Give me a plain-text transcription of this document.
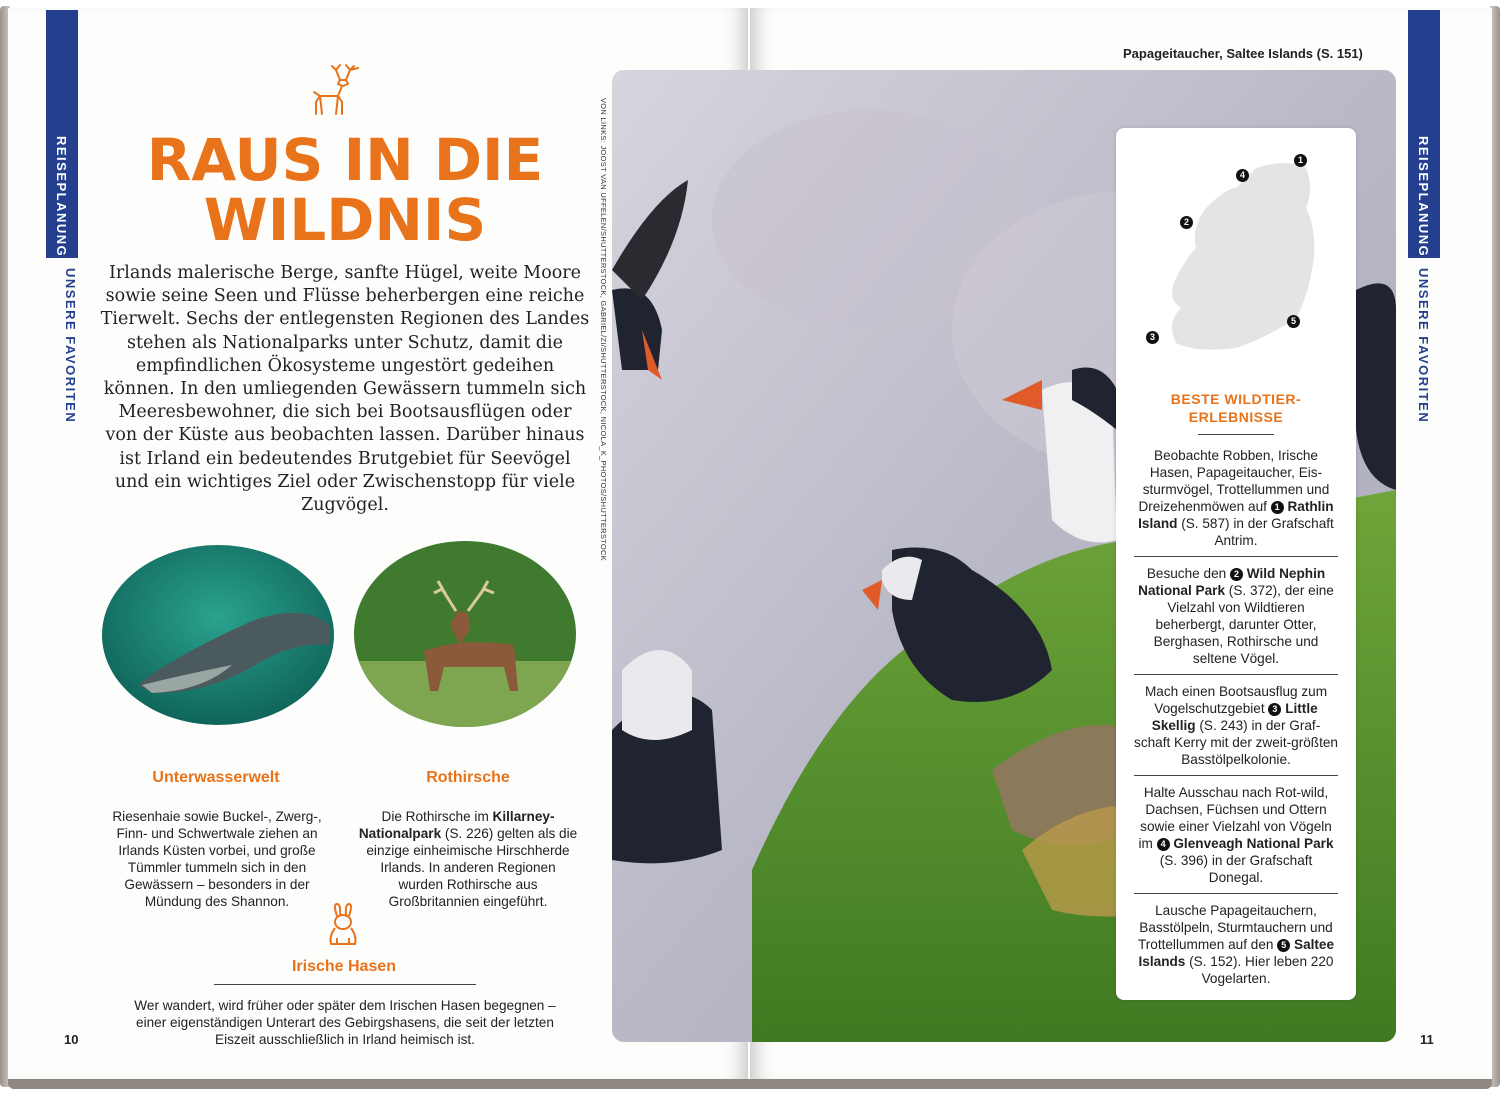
REISEPLANUNG
UNSERE FAVORITEN
RAUS IN DIE
WILDNIS
Irlands malerische Berge, sanfte Hügel, weite Moore sowie seine Seen und Flüsse beherbergen eine reiche Tierwelt. Sechs der entlegensten Regionen des Landes stehen als Nationalparks unter Schutz, damit die empfindlichen Ökosysteme ungestört gedeihen können. In den umliegenden Gewässern tummeln sich Meeresbewohner, die sich bei Bootsausflügen oder von der Küste aus beobachten lassen. Darüber hinaus ist Irland ein bedeutendes Brutgebiet für Seevögel und ein wichtiges Ziel oder Zwischenstopp für viele Zugvögel.
Unterwasserwelt
Riesenhaie sowie Buckel-, Zwerg-, Finn- und Schwertwale ziehen an Irlands Küsten vorbei, und große Tümmler tummeln sich in den Gewässern – besonders in der Mündung des Shannon.
Rothirsche
Die Rothirsche im Killarney-Nationalpark (S. 226) gelten als die einzige einheimische Hirschherde Irlands. In anderen Regionen wurden Rothirsche aus Großbritannien eingeführt.
Irische Hasen
Wer wandert, wird früher oder später dem Irischen Hasen begegnen – einer eigenständigen Unterart des Gebirgshasens, die seit der letzten Eiszeit ausschließlich in Irland heimisch ist.
10
VON LINKS: JOOST VAN UFFELEN/SHUTTERSTOCK, GABRIEL/ZI/SHUTTERSTOCK, NICOLA_K_PHOTOS/SHUTTERSTOCK
Papageitaucher, Saltee Islands (S. 151)
1
4
2
5
3
BESTE WILDTIER-
ERLEBNISSE
Beobachte Robben, Irische Hasen, Papageitaucher, Eis-sturmvögel, Trottellummen und Dreizehenmöwen auf 1 Rathlin Island (S. 587) in der Grafschaft Antrim.
Besuche den 2 Wild Nephin National Park (S. 372), der eine Vielzahl von Wildtieren beherbergt, darunter Otter, Berghasen, Rothirsche und seltene Vögel.
Mach einen Bootsausflug zum Vogelschutzgebiet 3 Little Skellig (S. 243) in der Graf-schaft Kerry mit der zweit-größten Basstölpelkolonie.
Halte Ausschau nach Rot-wild, Dachsen, Füchsen und Ottern sowie einer Vielzahl von Vögeln im 4 Glenveagh National Park (S. 396) in der Grafschaft Donegal.
Lausche Papageitauchern, Basstölpeln, Sturmtauchern und Trottellummen auf den 5 Saltee Islands (S. 152). Hier leben 220 Vogelarten.
REISEPLANUNG
UNSERE FAVORITEN
11
